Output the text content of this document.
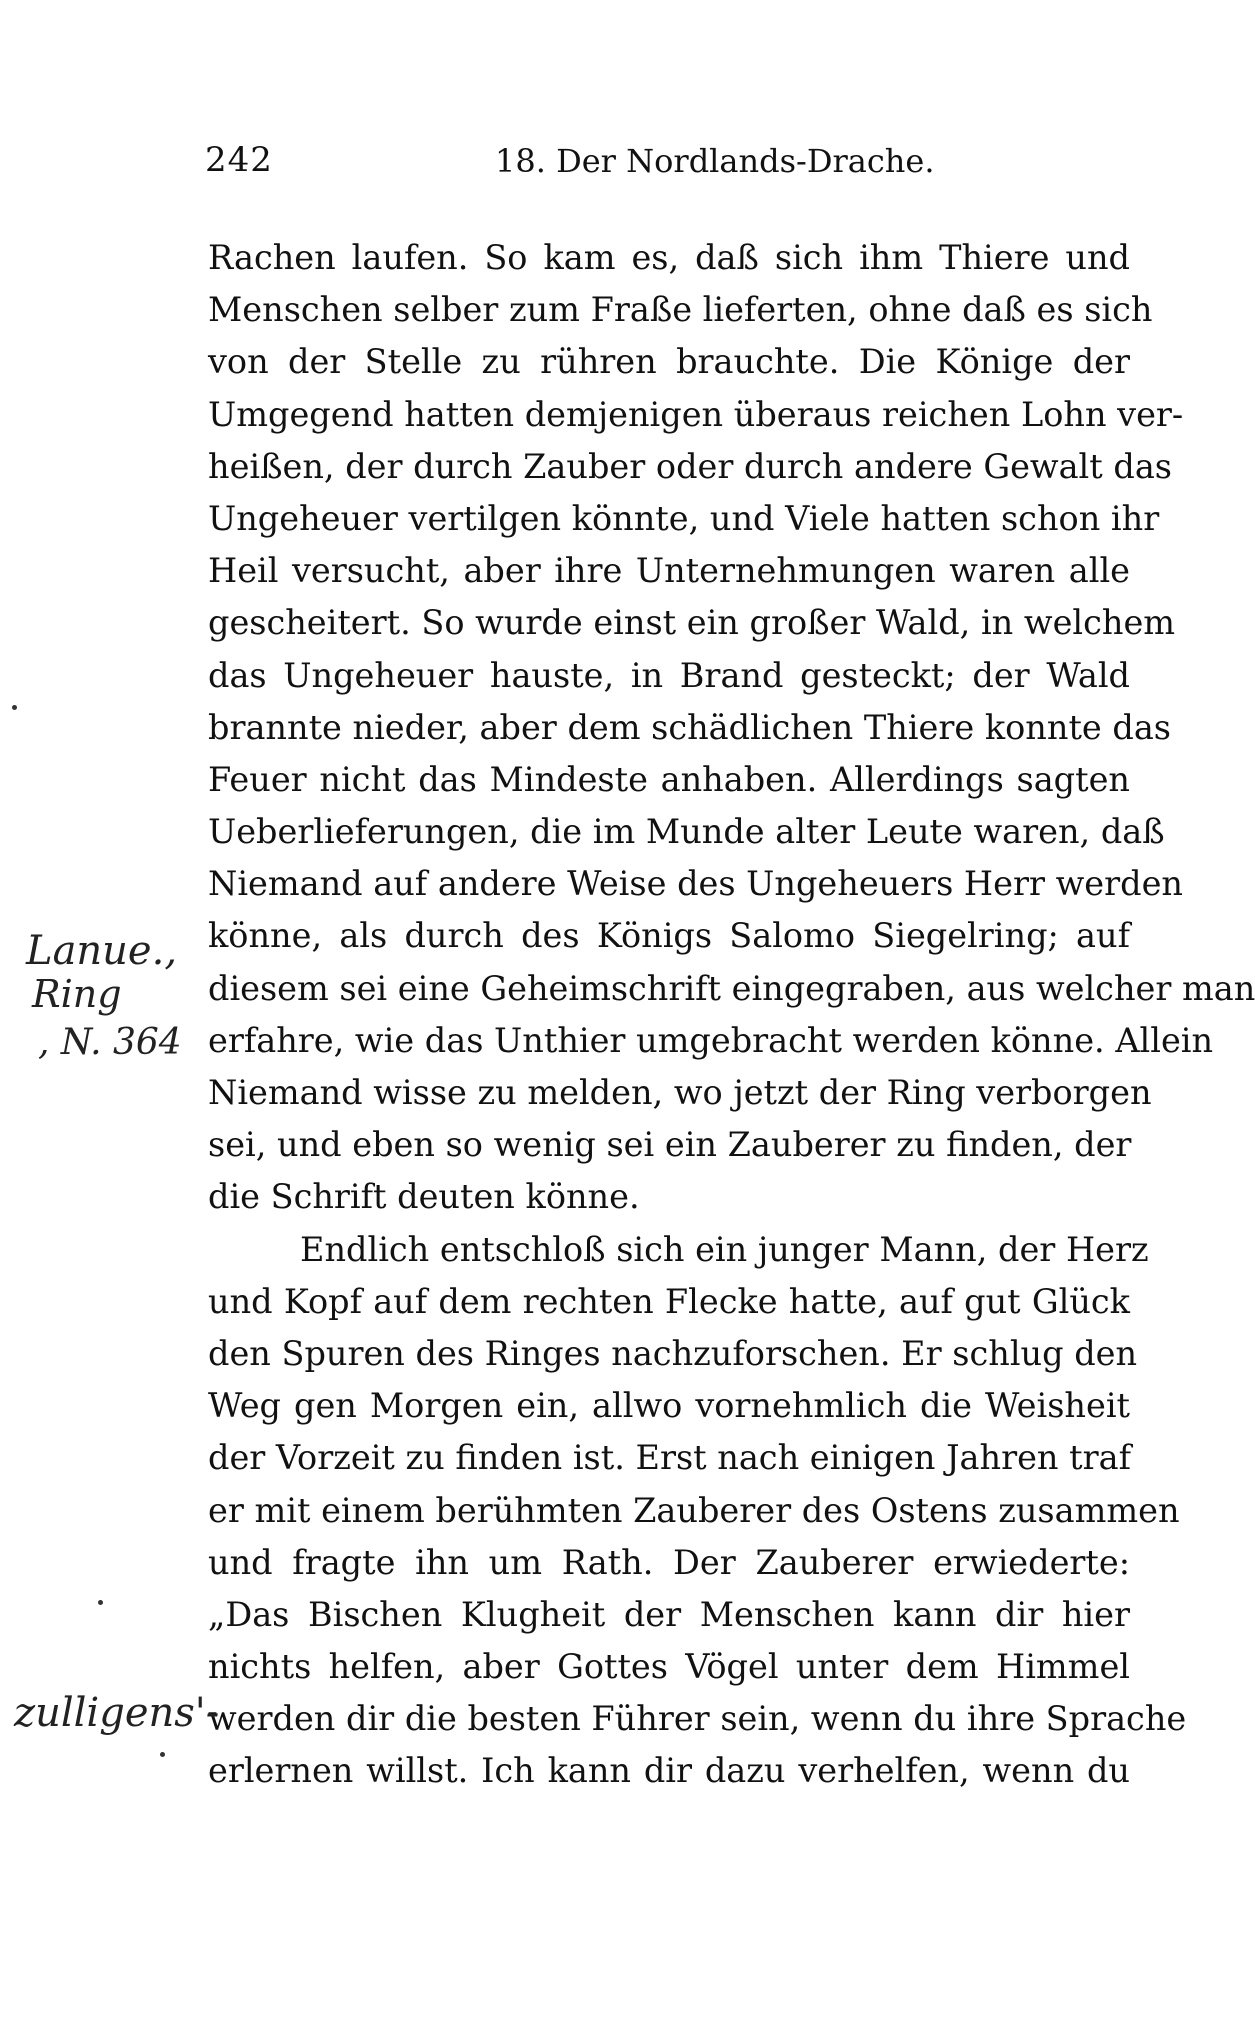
242	18. Der Nordlands-Drache.
Rachen laufen. So kam es, daß sich ihm Thiere und
Menschen selber zum Fraße lieferten, ohne daß es sich
von der Stelle zu rühren brauchte. Die Könige der
Umgegend hatten demjenigen überaus reichen Lohn ver-
heißen, der durch Zauber oder durch andere Gewalt das
Ungeheuer vertilgen könnte, und Viele hatten schon ihr
Heil versucht, aber ihre Unternehmungen waren alle
gescheitert. So wurde einst ein großer Wald, in welchem
das Ungeheuer hauste, in Brand gesteckt; der Wald
brannte nieder, aber dem schädlichen Thiere konnte das
Feuer nicht das Mindeste anhaben. Allerdings sagten
Ueberlieferungen, die im Munde alter Leute waren, daß
Niemand auf andere Weise des Ungeheuers Herr werden
könne, als durch des Königs Salomo Siegelring; auf
diesem sei eine Geheimschrift eingegraben, aus welcher man
erfahre, wie das Unthier umgebracht werden könne. Allein
Niemand wisse zu melden, wo jetzt der Ring verborgen
sei, und eben so wenig sei ein Zauberer zu finden, der
die Schrift deuten könne.
Endlich entschloß sich ein junger Mann, der Herz
und Kopf auf dem rechten Flecke hatte, auf gut Glück
den Spuren des Ringes nachzuforschen. Er schlug den
Weg gen Morgen ein, allwo vornehmlich die Weisheit
der Vorzeit zu finden ist. Erst nach einigen Jahren traf
er mit einem berühmten Zauberer des Ostens zusammen
und fragte ihn um Rath. Der Zauberer erwiederte:
„Das Bischen Klugheit der Menschen kann dir hier
nichts helfen, aber Gottes Vögel unter dem Himmel
werden dir die besten Führer sein, wenn du ihre Sprache
erlernen willst. Ich kann dir dazu verhelfen, wenn du
Lanue.,
Ring
, N. 364
zulligens'-
